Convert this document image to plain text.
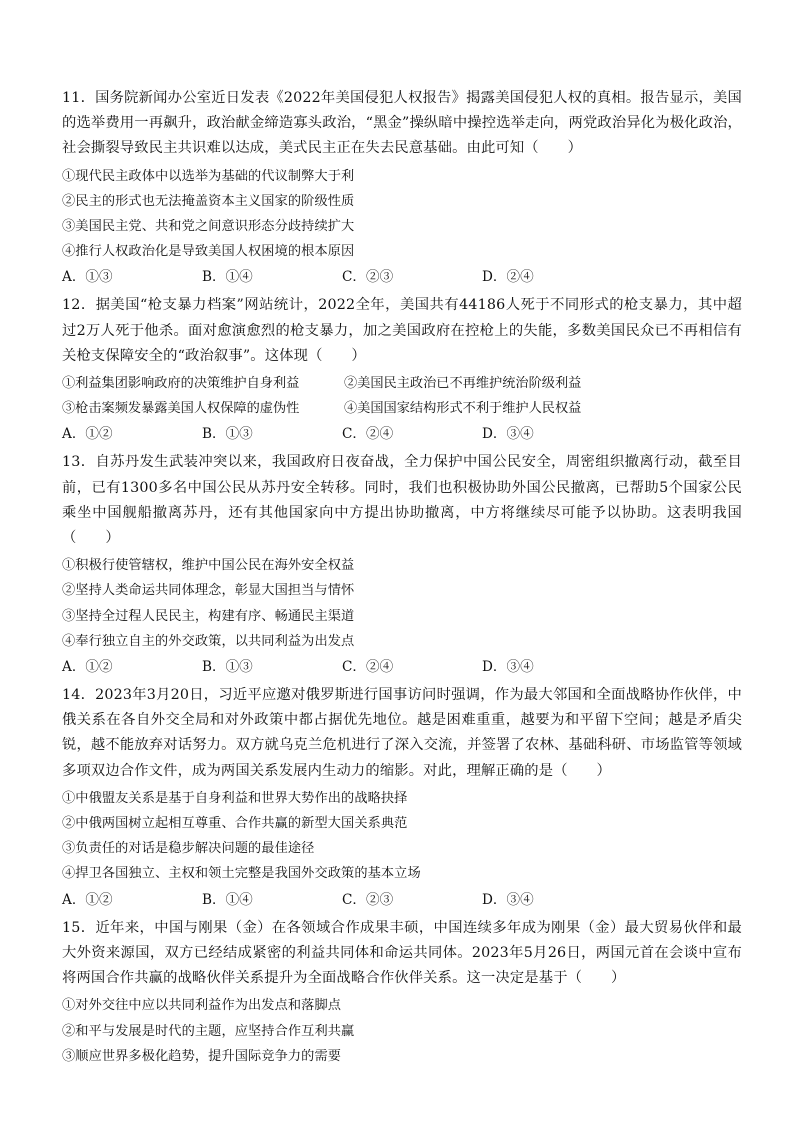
11．国务院新闻办公室近日发表《2022年美国侵犯人权报告》揭露美国侵犯人权的真相。报告显示，美国的选举费用一再飙升，政治献金缔造寡头政治，“黑金”操纵暗中操控选举走向，两党政治异化为极化政治，社会撕裂导致民主共识难以达成，美式民主正在失去民意基础。由此可知（　　）

①现代民主政体中以选举为基础的代议制弊大于利

②民主的形式也无法掩盖资本主义国家的阶级性质

③美国民主党、共和党之间意识形态分歧持续扩大

④推行人权政治化是导致美国人权困境的根本原因

A．①③	B．①④	C．②③	D．②④

12．据美国“枪支暴力档案”网站统计，2022全年，美国共有44186人死于不同形式的枪支暴力，其中超过2万人死于他杀。面对愈演愈烈的枪支暴力，加之美国政府在控枪上的失能，多数美国民众已不再相信有关枪支保障安全的“政治叙事”。这体现（　　）

①利益集团影响政府的决策维护自身利益	②美国民主政治已不再维护统治阶级利益
③枪击案频发暴露美国人权保障的虚伪性	④美国国家结构形式不利于维护人民权益
A．①②	B．①③	C．②④	D．③④

13．自苏丹发生武装冲突以来，我国政府日夜奋战，全力保护中国公民安全，周密组织撤离行动，截至目前，已有1300多名中国公民从苏丹安全转移。同时，我们也积极协助外国公民撤离，已帮助5个国家公民乘坐中国舰船撤离苏丹，还有其他国家向中方提出协助撤离，中方将继续尽可能予以协助。这表明我国（　　）

①积极行使管辖权，维护中国公民在海外安全权益

②坚持人类命运共同体理念，彰显大国担当与情怀

③坚持全过程人民民主，构建有序、畅通民主渠道

④奉行独立自主的外交政策，以共同利益为出发点

A．①②	B．①③	C．②④	D．③④

14．2023年3月20日，习近平应邀对俄罗斯进行国事访问时强调，作为最大邻国和全面战略协作伙伴，中俄关系在各自外交全局和对外政策中都占据优先地位。越是困难重重，越要为和平留下空间；越是矛盾尖锐，越不能放弃对话努力。双方就乌克兰危机进行了深入交流，并签署了农林、基础科研、市场监管等领域多项双边合作文件，成为两国关系发展内生动力的缩影。对此，理解正确的是（　　）

①中俄盟友关系是基于自身利益和世界大势作出的战略抉择

②中俄两国树立起相互尊重、合作共赢的新型大国关系典范

③负责任的对话是稳步解决问题的最佳途径

④捍卫各国独立、主权和领土完整是我国外交政策的基本立场

A．①②	B．①④	C．②③	D．③④

15．近年来，中国与刚果（金）在各领域合作成果丰硕，中国连续多年成为刚果（金）最大贸易伙伴和最大外资来源国，双方已经结成紧密的利益共同体和命运共同体。2023年5月26日，两国元首在会谈中宣布将两国合作共赢的战略伙伴关系提升为全面战略合作伙伴关系。这一决定是基于（　　）

①对外交往中应以共同利益作为出发点和落脚点

②和平与发展是时代的主题，应坚持合作互利共赢

③顺应世界多极化趋势，提升国际竞争力的需要
